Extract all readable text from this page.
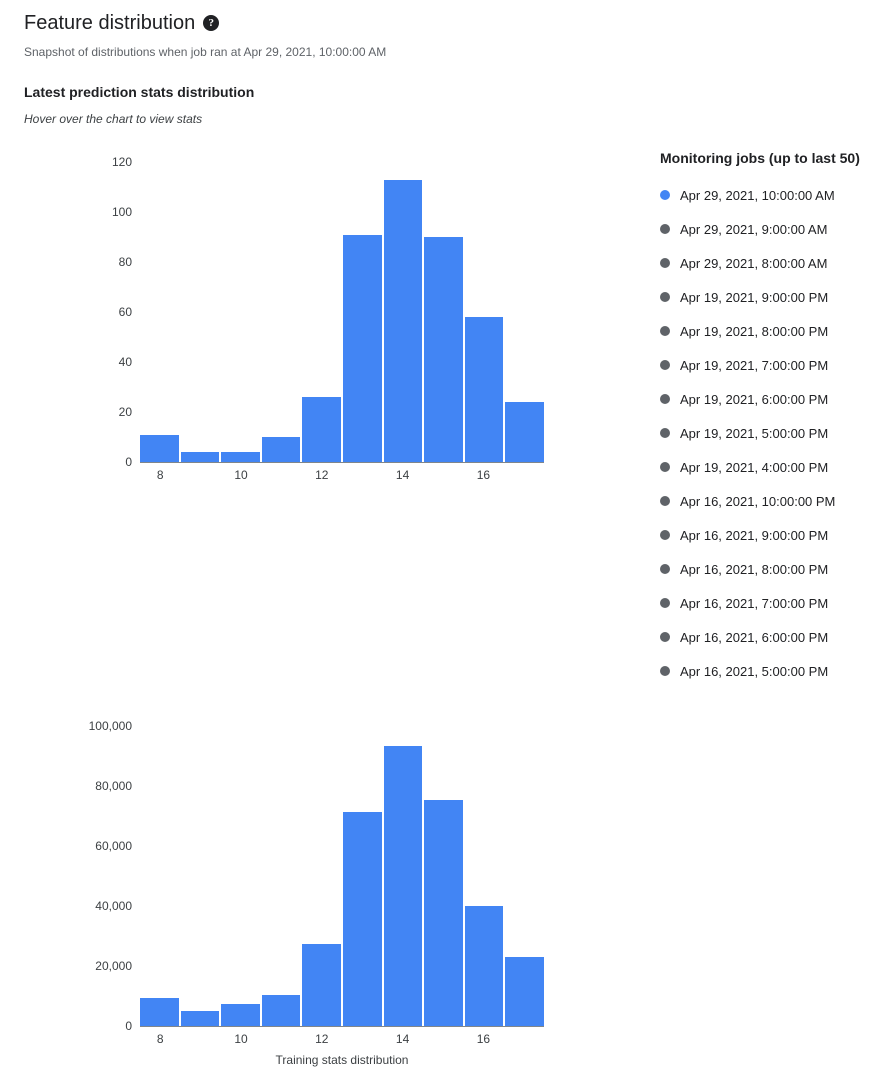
Feature distribution	?
Snapshot of distributions when job ran at Apr 29, 2021, 10:00:00 AM
Latest prediction stats distribution
Hover over the chart to view stats
0
20
40
60
80
100
120
8	10	12	14	16
0
20,000
40,000
60,000
80,000
100,000
8	10	12	14	16
Training stats distribution
Monitoring jobs (up to last 50)
Apr 29, 2021, 10:00:00 AM
Apr 29, 2021, 9:00:00 AM
Apr 29, 2021, 8:00:00 AM
Apr 19, 2021, 9:00:00 PM
Apr 19, 2021, 8:00:00 PM
Apr 19, 2021, 7:00:00 PM
Apr 19, 2021, 6:00:00 PM
Apr 19, 2021, 5:00:00 PM
Apr 19, 2021, 4:00:00 PM
Apr 16, 2021, 10:00:00 PM
Apr 16, 2021, 9:00:00 PM
Apr 16, 2021, 8:00:00 PM
Apr 16, 2021, 7:00:00 PM
Apr 16, 2021, 6:00:00 PM
Apr 16, 2021, 5:00:00 PM
